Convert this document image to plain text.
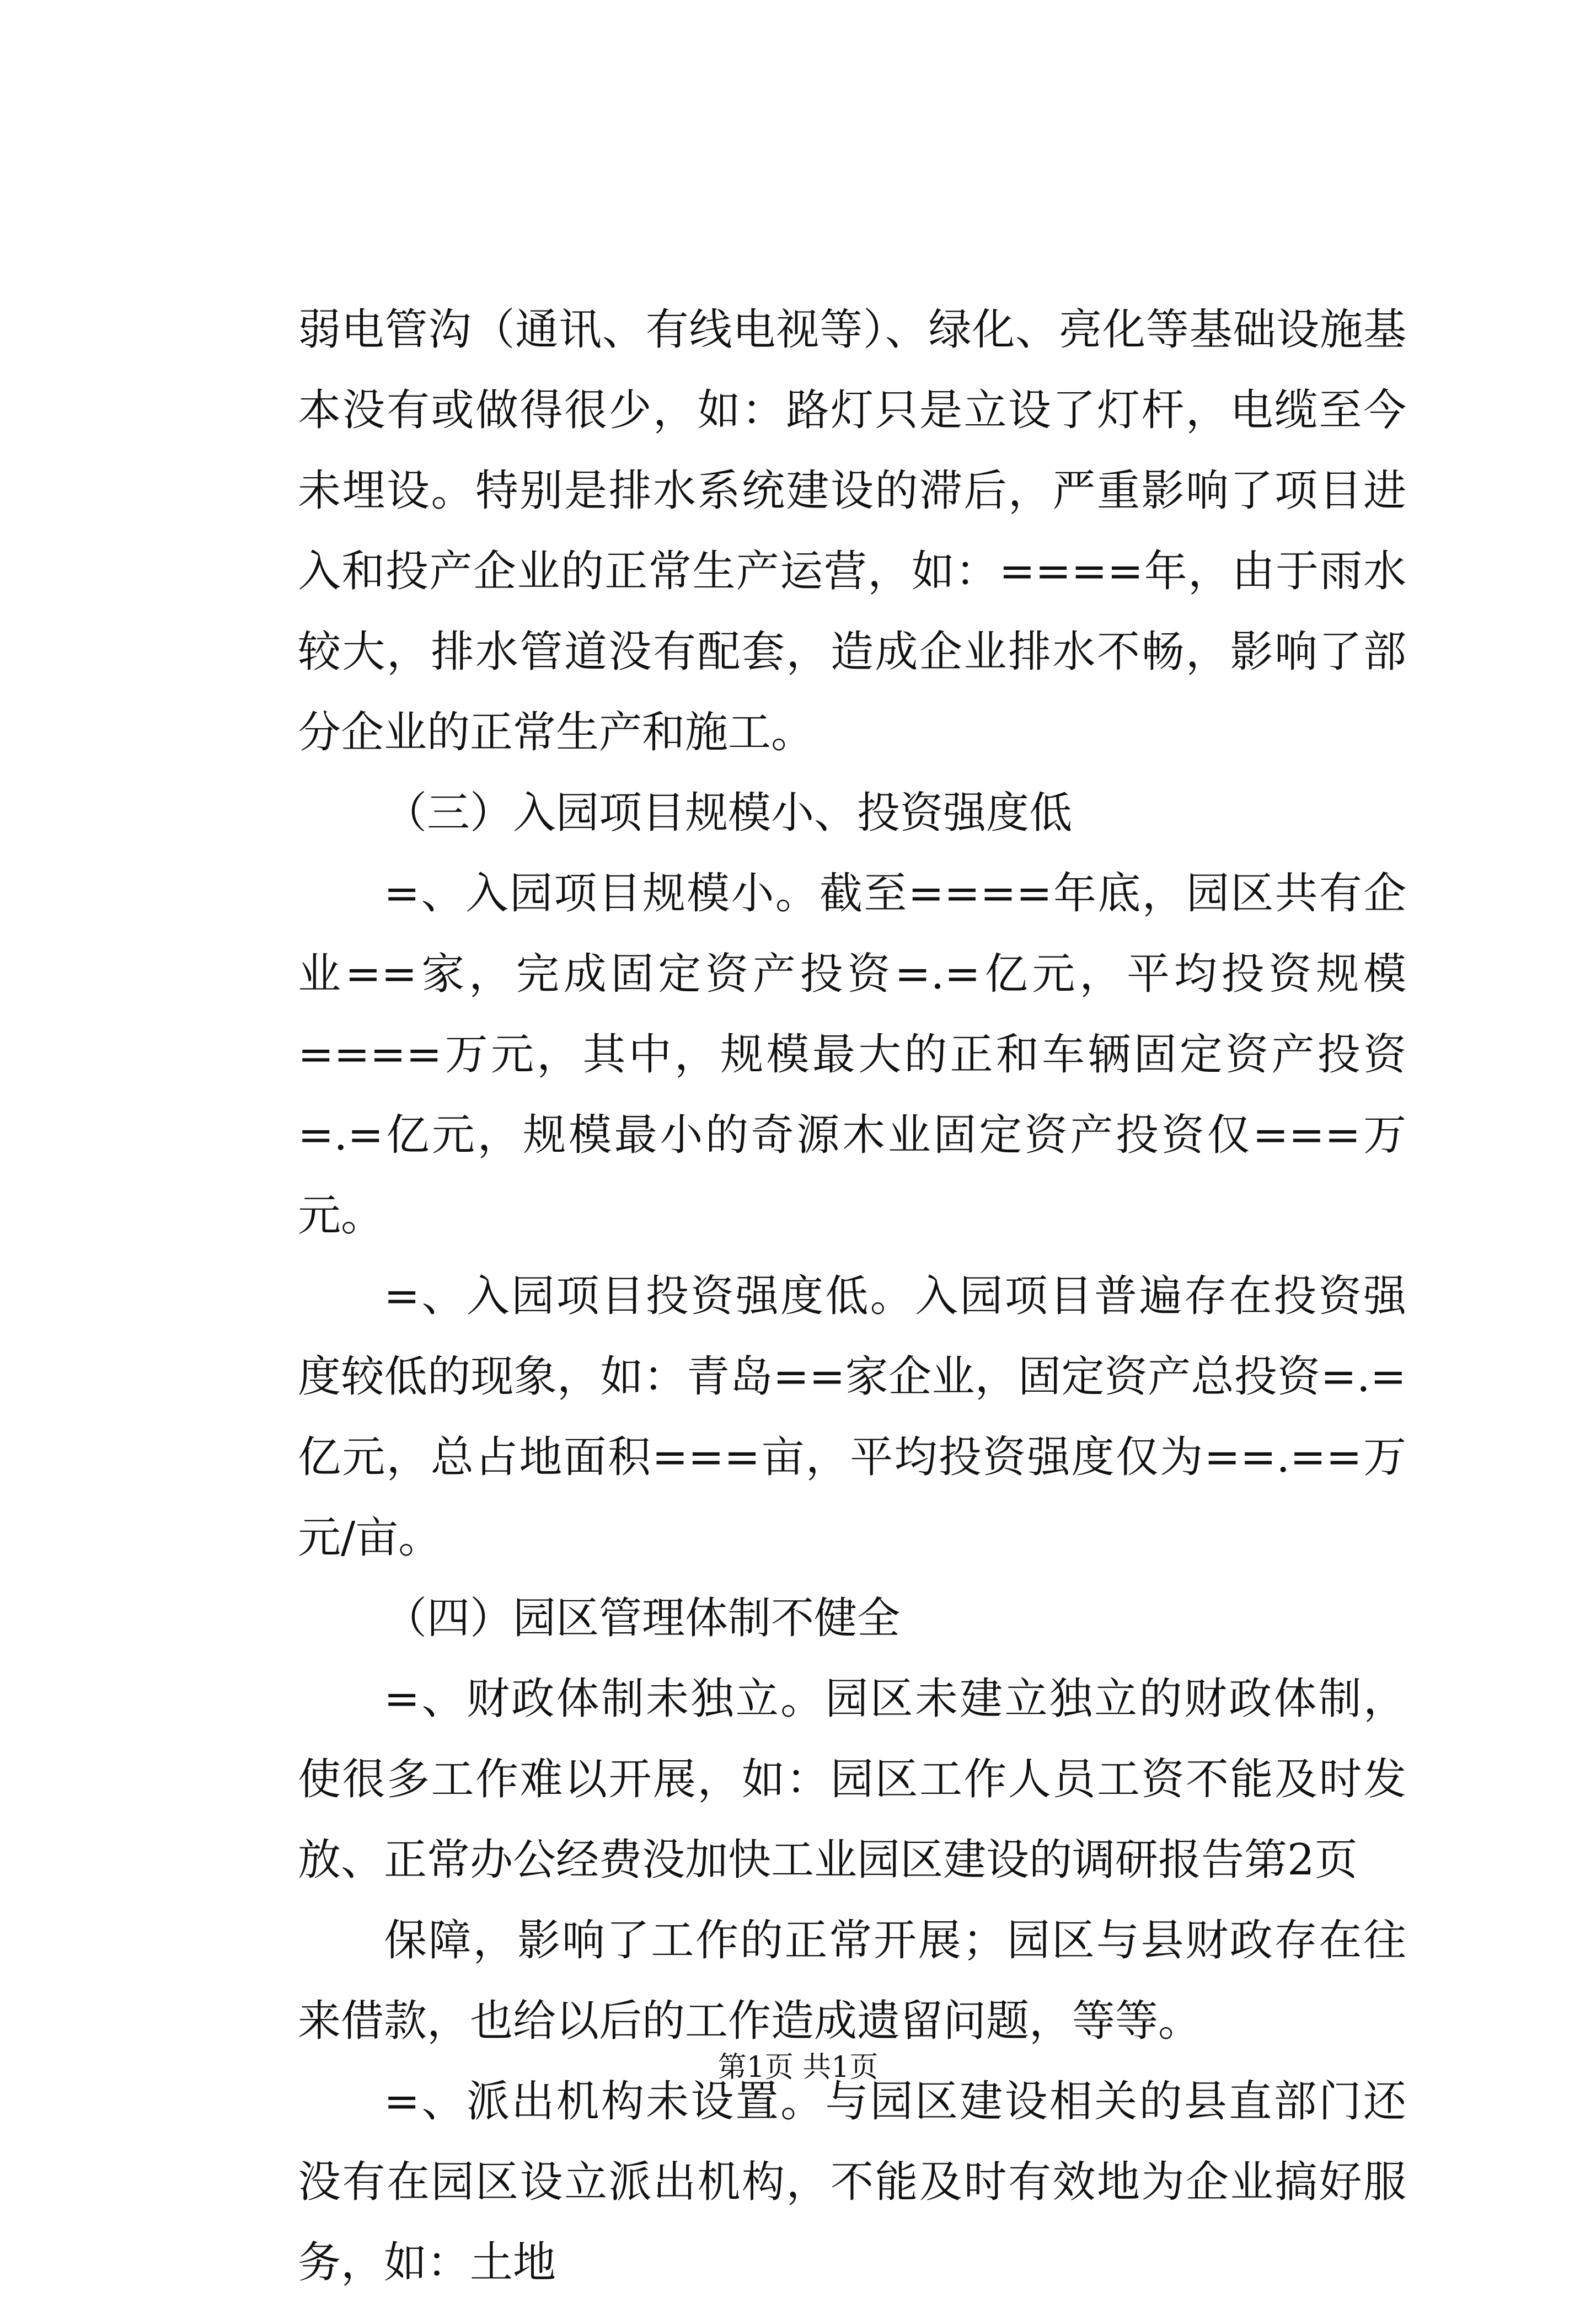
弱电管沟（通讯、有线电视等）、绿化、亮化等基础设施基本没有或做得很少，如：路灯只是立设了灯杆，电缆至今未埋设。特别是排水系统建设的滞后，严重影响了项目进入和投产企业的正常生产运营，如：====年，由于雨水较大，排水管道没有配套，造成企业排水不畅，影响了部分企业的正常生产和施工。

（三）入园项目规模小、投资强度低

=、入园项目规模小。截至====年底，园区共有企业==家，完成固定资产投资=.=亿元，平均投资规模====万元，其中，规模最大的正和车辆固定资产投资=.=亿元，规模最小的奇源木业固定资产投资仅===万元。

=、入园项目投资强度低。入园项目普遍存在投资强度较低的现象，如：青岛==家企业，固定资产总投资=.=亿元，总占地面积===亩，平均投资强度仅为==.==万元/亩。

（四）园区管理体制不健全

=、财政体制未独立。园区未建立独立的财政体制，使很多工作难以开展，如：园区工作人员工资不能及时发放、正常办公经费没加快工业园区建设的调研报告第2页

保障，影响了工作的正常开展；园区与县财政存在往来借款，也给以后的工作造成遗留问题，等等。

=、派出机构未设置。与园区建设相关的县直部门还没有在园区设立派出机构，不能及时有效地为企业搞好服务，如：土地

第1页 共1页
